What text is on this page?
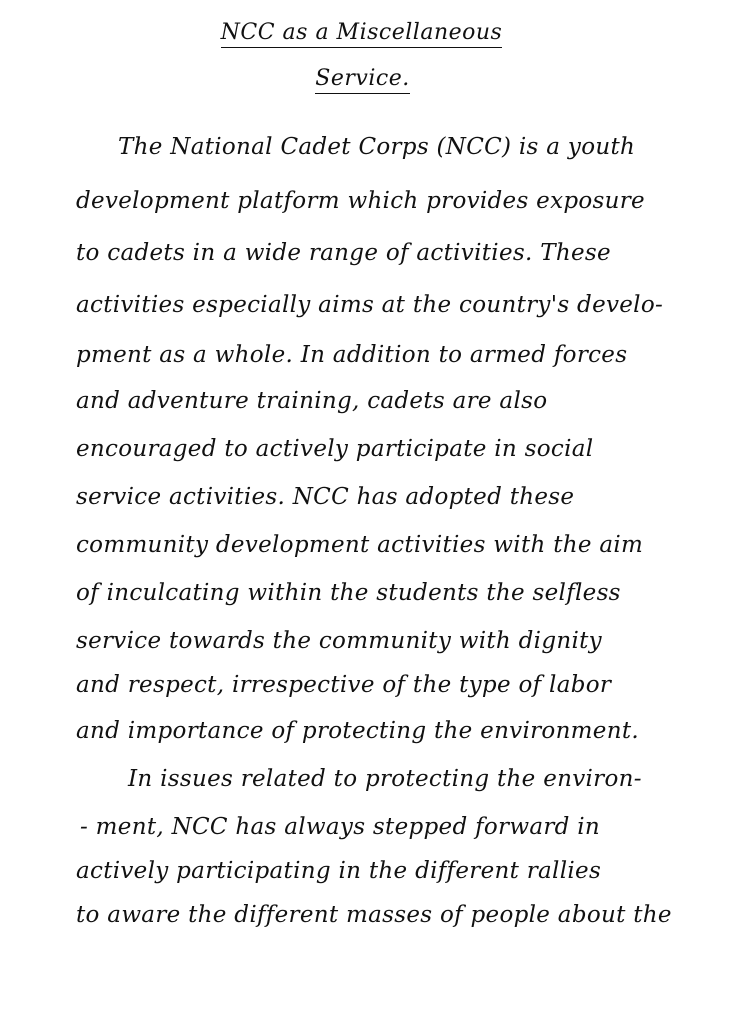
NCC as a Miscellaneous
Service.
The National Cadet Corps (NCC) is a youth
development platform which provides exposure
to cadets in a wide range of activities. These
activities especially aims at the country's develo-
pment as a whole. In addition to armed forces
and adventure training, cadets are also
encouraged to actively participate in social
service activities. NCC has adopted these
community development activities with the aim
of inculcating within the students the selfless
service towards the community with dignity
and respect, irrespective of the type of labor
and importance of protecting the environment.
In issues related to protecting the environ-
- ment, NCC has always stepped forward in
actively participating in the different rallies
to aware the different masses of people about the
